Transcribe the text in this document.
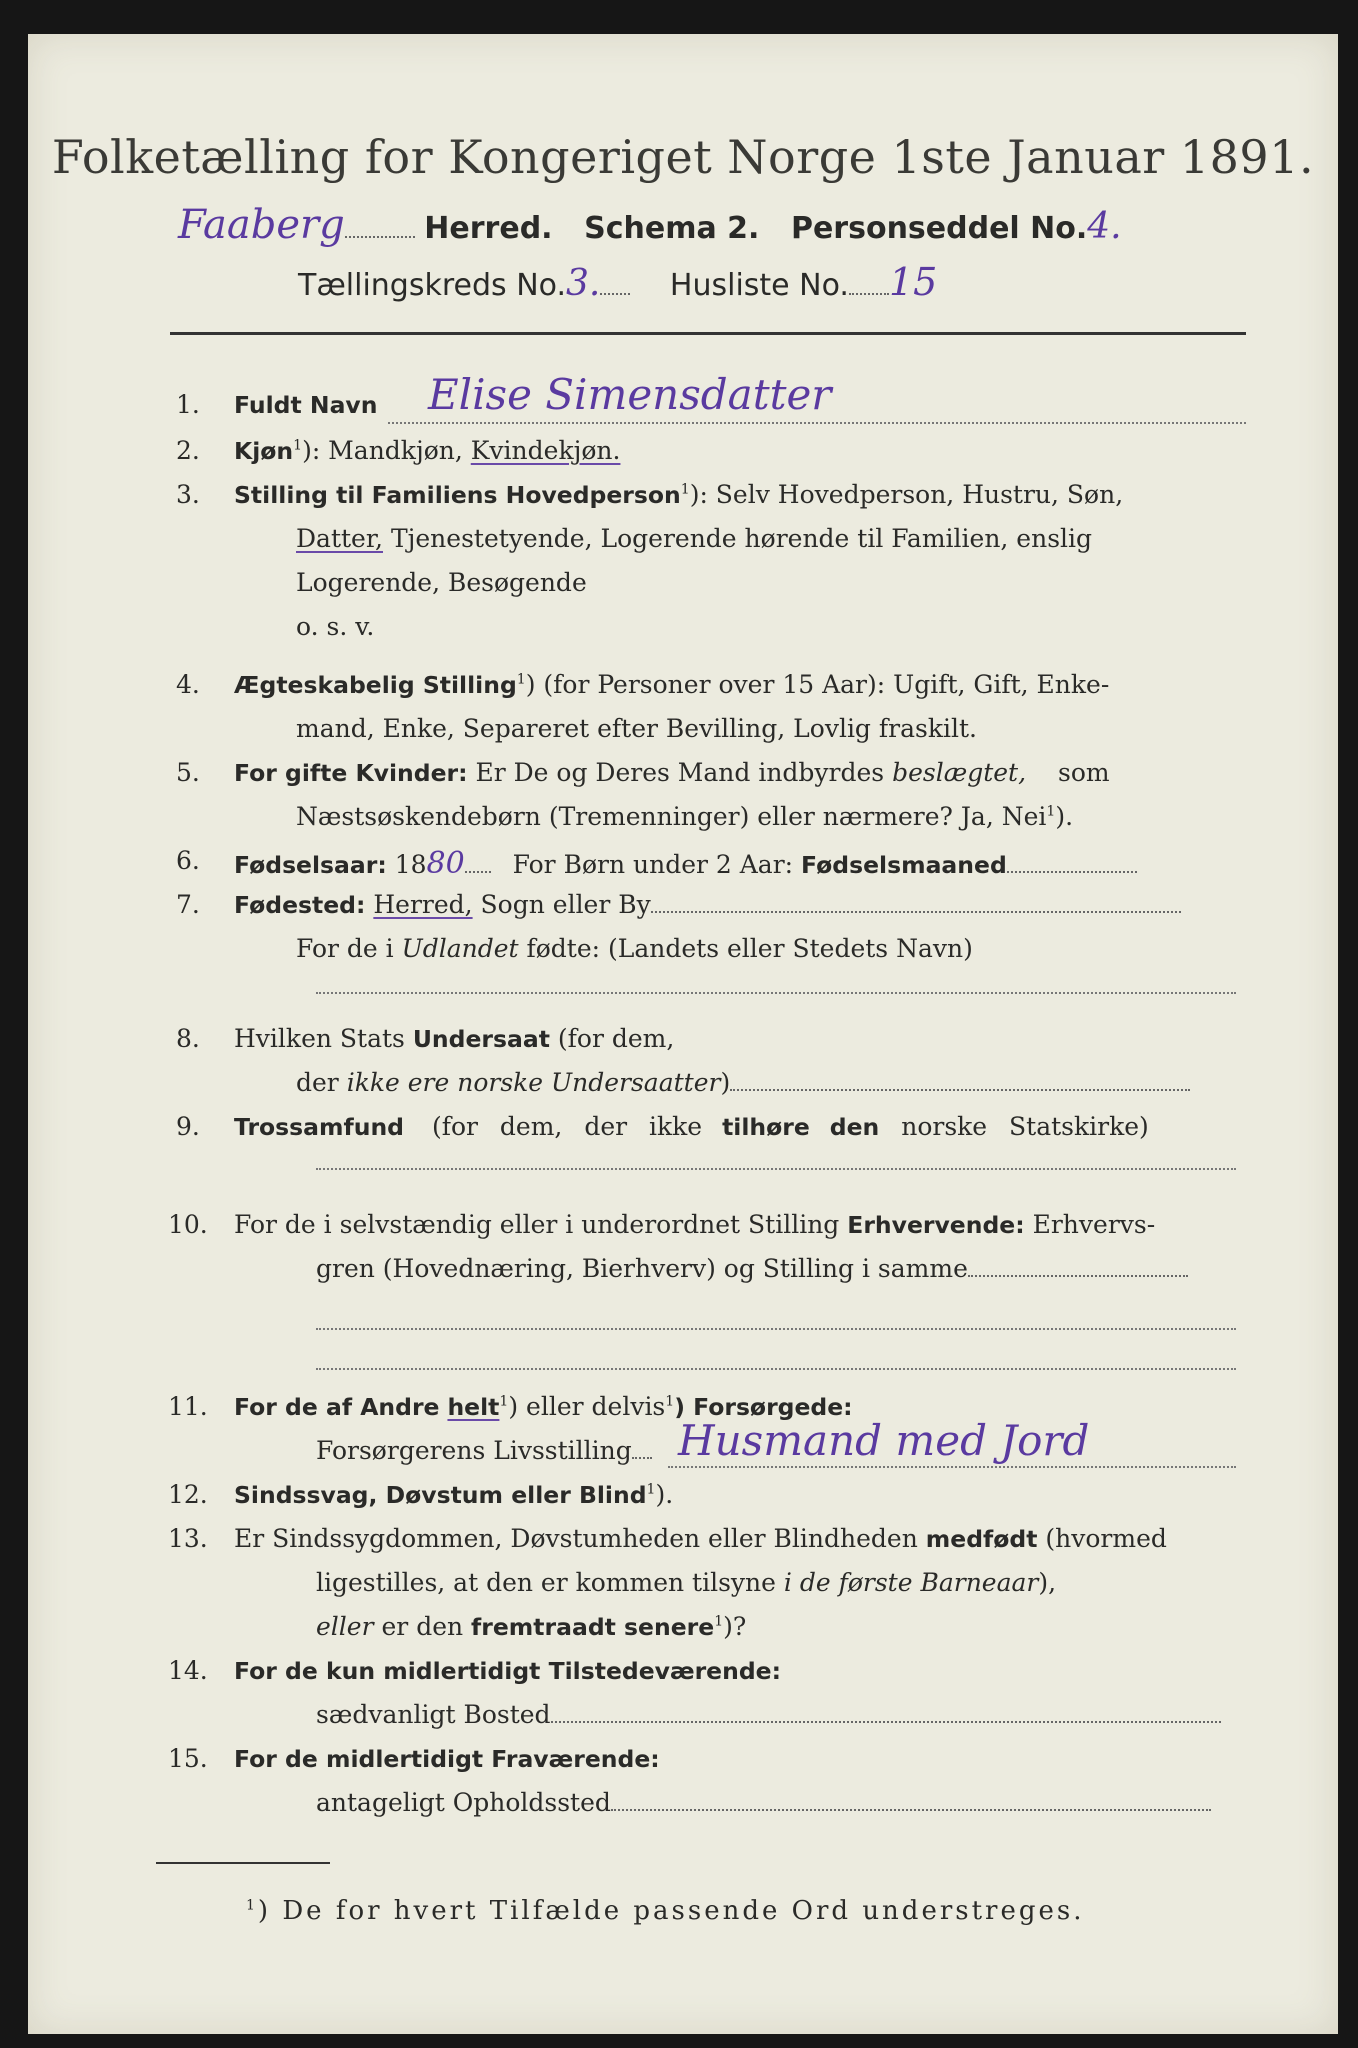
Folketælling for Kongeriget Norge 1ste Januar 1891.
Faaberg	Herred. Schema 2. Personseddel No.4.
Tællingskreds No.3. Husliste No. 15
1. Fuldt Navn Elise Simensdatter
2. Kjøn$^1$): Mandkjøn, Kvindekjøn.
3. Stilling til Familiens Hovedperson$^1$): Selv Hovedperson, Hustru, Søn,
Datter, Tjenestetyende, Logerende hørende til Familien, enslig
Logerende, Besøgende
o. s. v.
4. Ægteskabelig Stilling$^1$) (for Personer over 15 Aar): Ugift, Gift, Enke-
mand, Enke, Separeret efter Bevilling, Lovlig fraskilt.
5. For gifte Kvinder: Er De og Deres Mand indbyrdes beslægtet, som
Næstsøskendebørn (Tremenninger) eller nærmere? Ja, Nei$^1$).
6. Fødselsaar: 1880 For Børn under 2 Aar: Fødselsmaaned
7. Fødested: Herred, Sogn eller By
For de i Udlandet fødte: (Landets eller Stedets Navn)
8. Hvilken Stats Undersaat (for dem,
der ikke ere norske Undersaatter)
9. Trossamfund (for dem, der ikke tilhøre den norske Statskirke)
10. For de i selvstændig eller i underordnet Stilling Erhvervende: Erhvervs-
gren (Hovednæring, Bierhverv) og Stilling i samme
11. For de af Andre helt$^1$) eller delvis$^1$) Forsørgede:
Forsørgerens Livsstilling	Husmand med Jord
12. Sindssvag, Døvstum eller Blind$^1$).
13. Er Sindssygdommen, Døvstumheden eller Blindheden medfødt (hvormed
ligestilles, at den er kommen tilsyne i de første Barneaar),
eller er den fremtraadt senere$^1$)?
14. For de kun midlertidigt Tilstedeværende:
sædvanligt Bosted
15. For de midlertidigt Fraværende:
antageligt Opholdssted
$^1$) De for hvert Tilfælde passende Ord understreges.
